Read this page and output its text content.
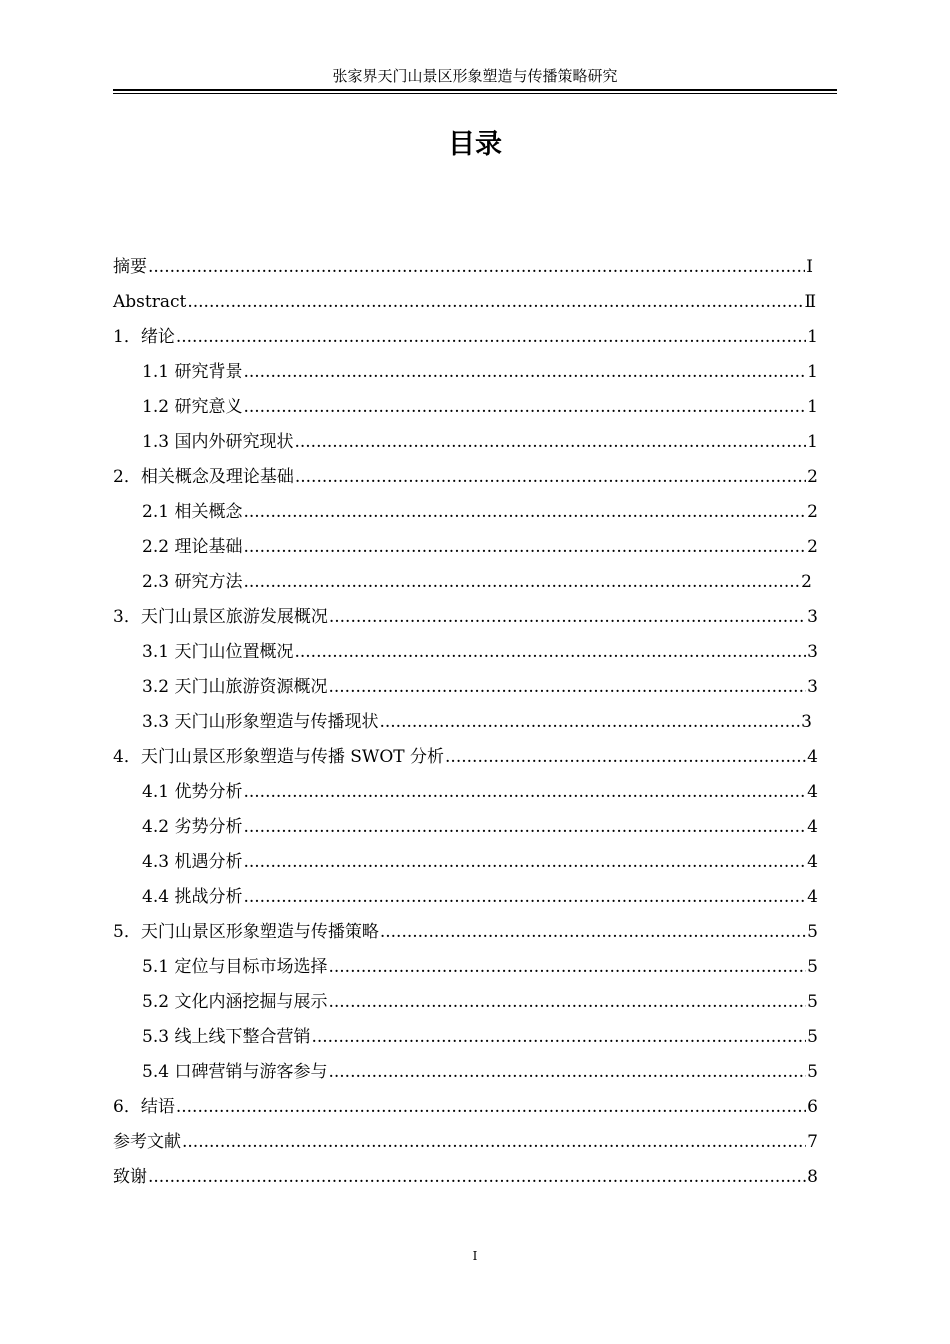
张家界天门山景区形象塑造与传播策略研究
目录
摘要 .....	Ⅰ
Abstract .....	Ⅱ
1．绪论 .....	1
1.1 研究背景 .....	1
1.2 研究意义 .....	1
1.3 国内外研究现状 .....	1
2．相关概念及理论基础 .....	2
2.1 相关概念 .....	2
2.2 理论基础 .....	2
2.3 研究方法 .....	2
3．天门山景区旅游发展概况 .....	3
3.1 天门山位置概况 .....	3
3.2 天门山旅游资源概况 .....	3
3.3 天门山形象塑造与传播现状 .....	3
4．天门山景区形象塑造与传播 SWOT 分析 .....	4
4.1 优势分析 .....	4
4.2 劣势分析 .....	4
4.3 机遇分析 .....	4
4.4 挑战分析 .....	4
5．天门山景区形象塑造与传播策略 .....	5
5.1 定位与目标市场选择 .....	5
5.2 文化内涵挖掘与展示 .....	5
5.3 线上线下整合营销 .....	5
5.4 口碑营销与游客参与 .....	5
6．结语 .....	6
参考文献 .....	7
致谢 .....	8
I
